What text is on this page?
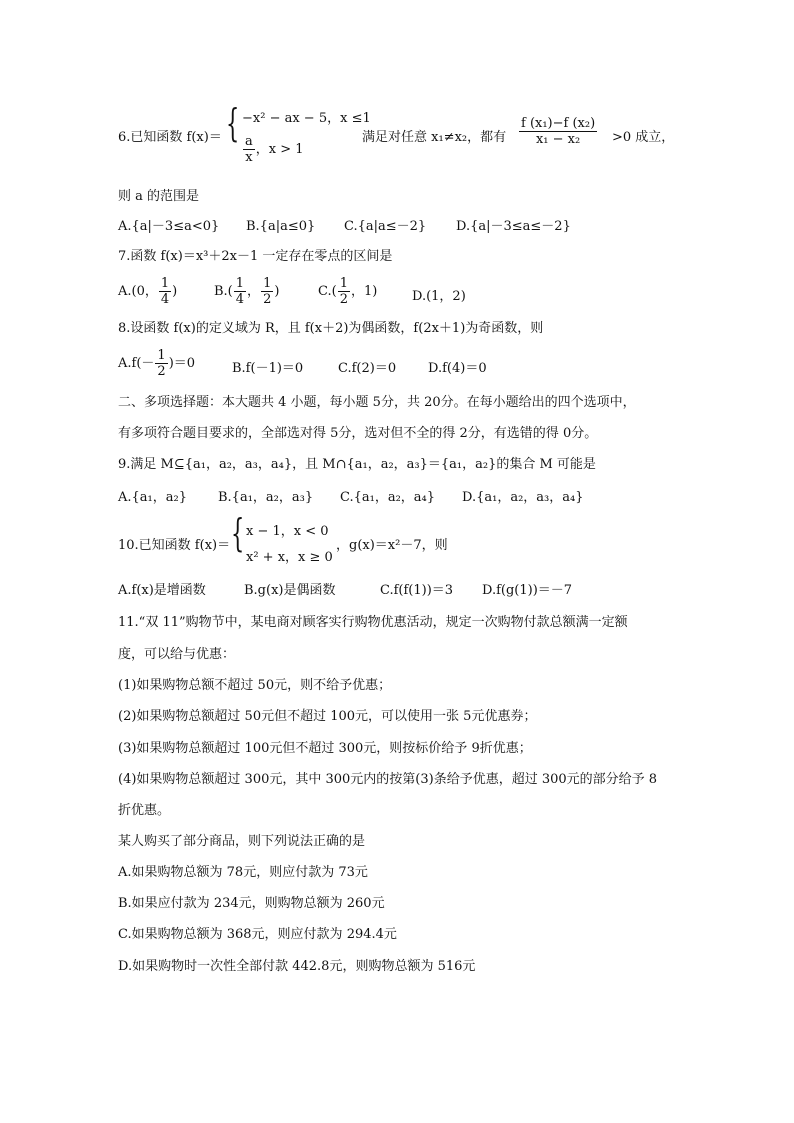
6.已知函数 f(x)＝ { −x² − ax − 5，x ≤1
$\frac{a}{x}$ ，x > 1
满足对任意 x₁≠x₂，都有 $\frac{\text{f (x₁)−f (x₂)}}{\text{x₁ − x₂}} >0$ 成立，
则 a 的范围是
A.{a|－3≤a<0} B.{a|a≤0} C.{a|a≤－2} D.{a|－3≤a≤－2}
7.函数 f(x)＝x³＋2x－1 一定存在零点的区间是
A.(0， $\frac{1}{4}$ )	$B.( \frac{1}{4}$ ， $\frac{1}{2}$ )	$C.( \frac{1}{2}$ ，1)	D.(1，2)
8.设函数 f(x)的定义域为 R，且 f(x＋2)为偶函数，f(2x＋1)为奇函数，则
$A.f(- \frac{1}{2} )=0$	B.f(－1)＝0	C.f(2)＝0 D.f(4)＝0
二、多项选择题：本大题共 4 小题，每小题 5分，共 20分。在每小题给出的四个选项中，
有多项符合题目要求的，全部选对得 5分，选对但不全的得 2分，有选错的得 0分。
9.满足 M⊆{a₁，a₂，a₃，a₄}，且 M∩{a₁，a₂，a₃}＝{a₁，a₂}的集合 M 可能是
A.{a₁，a₂} B.{a₁，a₂，a₃} C.{a₁，a₂，a₄} D.{a₁，a₂，a₃，a₄}
10.已知函数 f(x)＝ { x − 1，x < 0
x² + x，x ≥ 0
，g(x)＝x²－7，则
A.f(x)是增函数	B.g(x)是偶函数	C.f(f(1))＝3 D.f(g(1))＝－7
11.“双 11”购物节中，某电商对顾客实行购物优惠活动，规定一次购物付款总额满一定额
度，可以给与优惠：
(1)如果购物总额不超过 50元，则不给予优惠；
(2)如果购物总额超过 50元但不超过 100元，可以使用一张 5元优惠券；
(3)如果购物总额超过 100元但不超过 300元，则按标价给予 9折优惠；
(4)如果购物总额超过 300元，其中 300元内的按第(3)条给予优惠，超过 300元的部分给予 8
折优惠。
某人购买了部分商品，则下列说法正确的是
A.如果购物总额为 78元，则应付款为 73元
B.如果应付款为 234元，则购物总额为 260元
C.如果购物总额为 368元，则应付款为 294.4元
D.如果购物时一次性全部付款 442.8元，则购物总额为 516元
